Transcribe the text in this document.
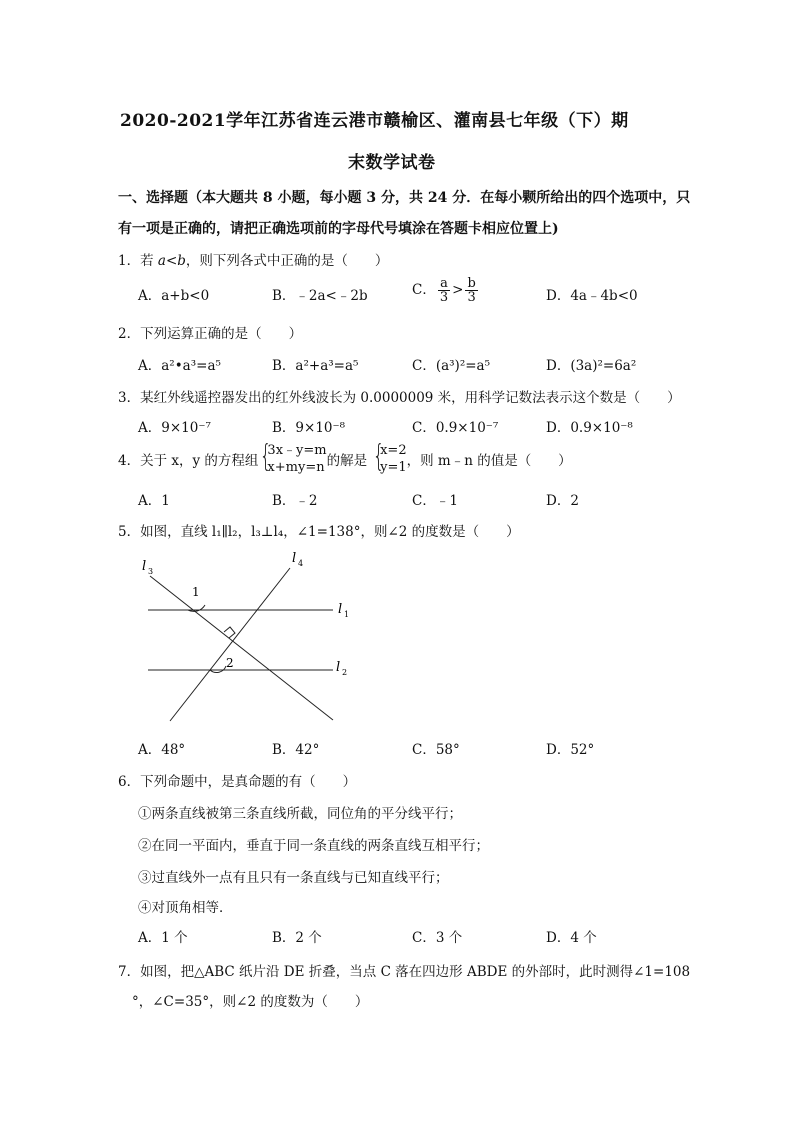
2020-2021学年江苏省连云港市赣榆区、灌南县七年级（下）期
末数学试卷
一、选择题（本大题共 8 小题，每小题 3 分，共 24 分．在每小颗所给出的四个选项中，只
有一项是正确的，请把正确选项前的字母代号填涂在答题卡相应位置上)
1．若 a<b，则下列各式中正确的是（　　）
A．a+b<0	B．﹣2a<﹣2b	C． $\frac{a}{3} > \frac{b}{3}$	D．4a﹣4b<0
2．下列运算正确的是（　　）
A．a²•a³=a⁵	B．a²+a³=a⁵	C．(a³)²=a⁵	D．(3a)²=6a²
3．某红外线遥控器发出的红外线波长为 0.0000009 米，用科学记数法表示这个数是（　　）
A．9×10⁻⁷	B．9×10⁻⁸	C．0.9×10⁻⁷	D．0.9×10⁻⁸
4．关于 x，y 的方程组 {
3x﹣y=m
x+my=n 的解是 {
x=2
y=1 ，则 m﹣n 的值是（　　）
A．1	B．﹣2	C．﹣1	D．2
5．如图，直线 l₁∥l₂，l₃⊥l₄，∠1=138°，则∠2 的度数是（　　）
l 3
l 4
l 1
l 2
1
2
A．48°	B．42°	C．58°	D．52°
6．下列命题中，是真命题的有（　　）
①两条直线被第三条直线所截，同位角的平分线平行；
②在同一平面内，垂直于同一条直线的两条直线互相平行；
③过直线外一点有且只有一条直线与已知直线平行；
④对顶角相等．
A．1 个	B．2 个	C．3 个	D．4 个
7．如图，把△ABC 纸片沿 DE 折叠，当点 C 落在四边形 ABDE 的外部时，此时测得∠1=108
°，∠C=35°，则∠2 的度数为（　　）
